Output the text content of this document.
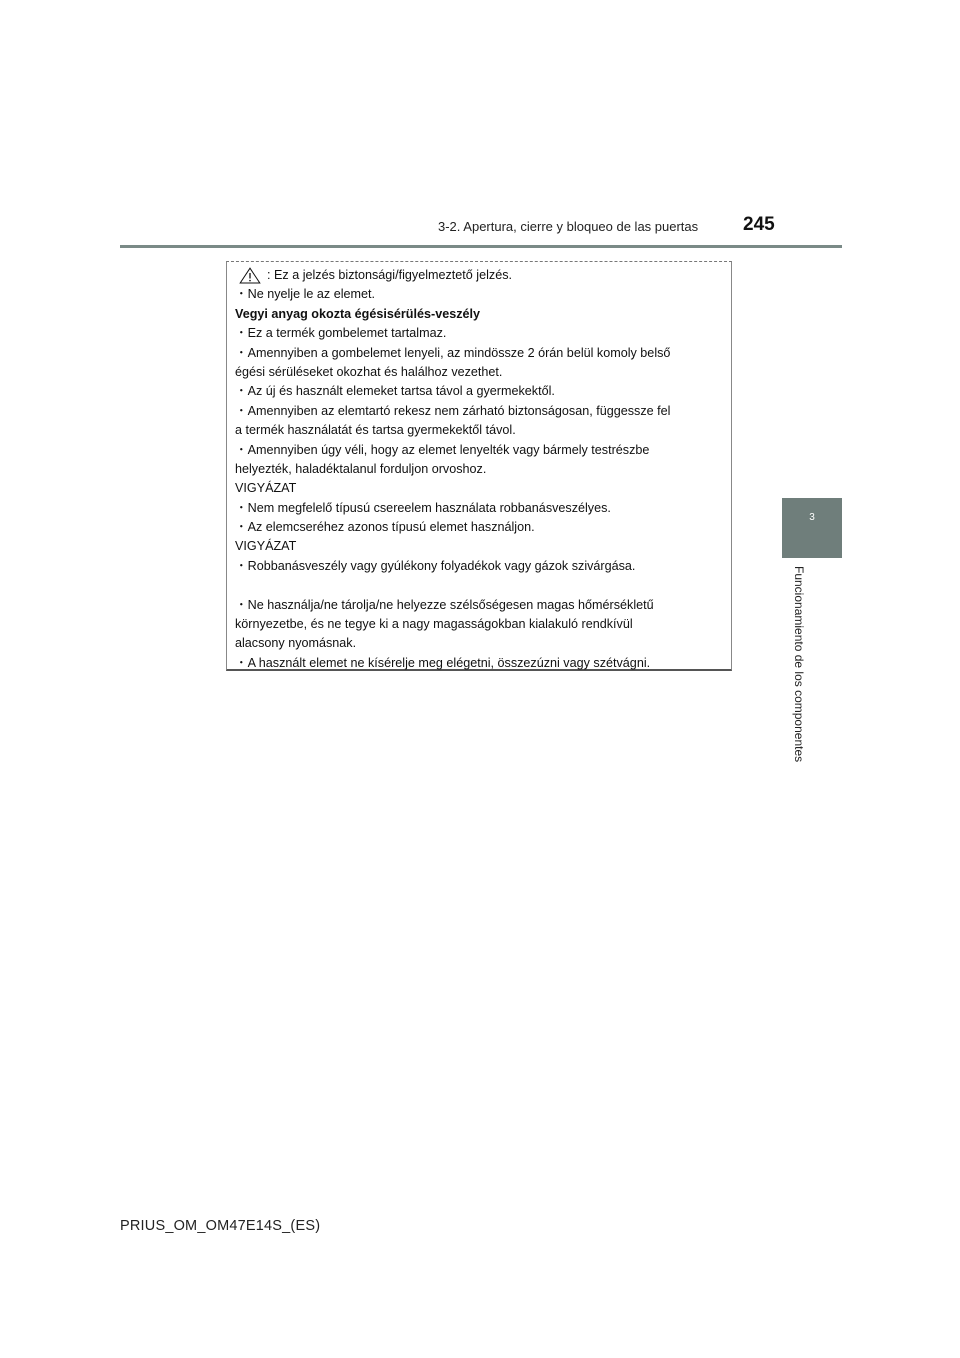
3-2. Apertura, cierre y bloqueo de las puertas 245
3
Funcionamiento de los componentes
: Ez a jelzés biztonsági/figyelmeztető jelzés.
・Ne nyelje le az elemet.
Vegyi anyag okozta égésisérülés-veszély
・Ez a termék gombelemet tartalmaz.
・Amennyiben a gombelemet lenyeli, az mindössze 2 órán belül komoly belső
égési sérüléseket okozhat és halálhoz vezethet.
・Az új és használt elemeket tartsa távol a gyermekektől.
・Amennyiben az elemtartó rekesz nem zárható biztonságosan, függessze fel
a termék használatát és tartsa gyermekektől távol.
・Amennyiben úgy véli, hogy az elemet lenyelték vagy bármely testrészbe
helyezték, haladéktalanul forduljon orvoshoz.
VIGYÁZAT
・Nem megfelelő típusú csereelem használata robbanásveszélyes.
・Az elemcseréhez azonos típusú elemet használjon.
VIGYÁZAT
・Robbanásveszély vagy gyúlékony folyadékok vagy gázok szivárgása.
・Ne használja/ne tárolja/ne helyezze szélsőségesen magas hőmérsékletű
környezetbe, és ne tegye ki a nagy magasságokban kialakuló rendkívül
alacsony nyomásnak.
・A használt elemet ne kísérelje meg elégetni, összezúzni vagy szétvágni.
PRIUS_OM_OM47E14S_(ES)
